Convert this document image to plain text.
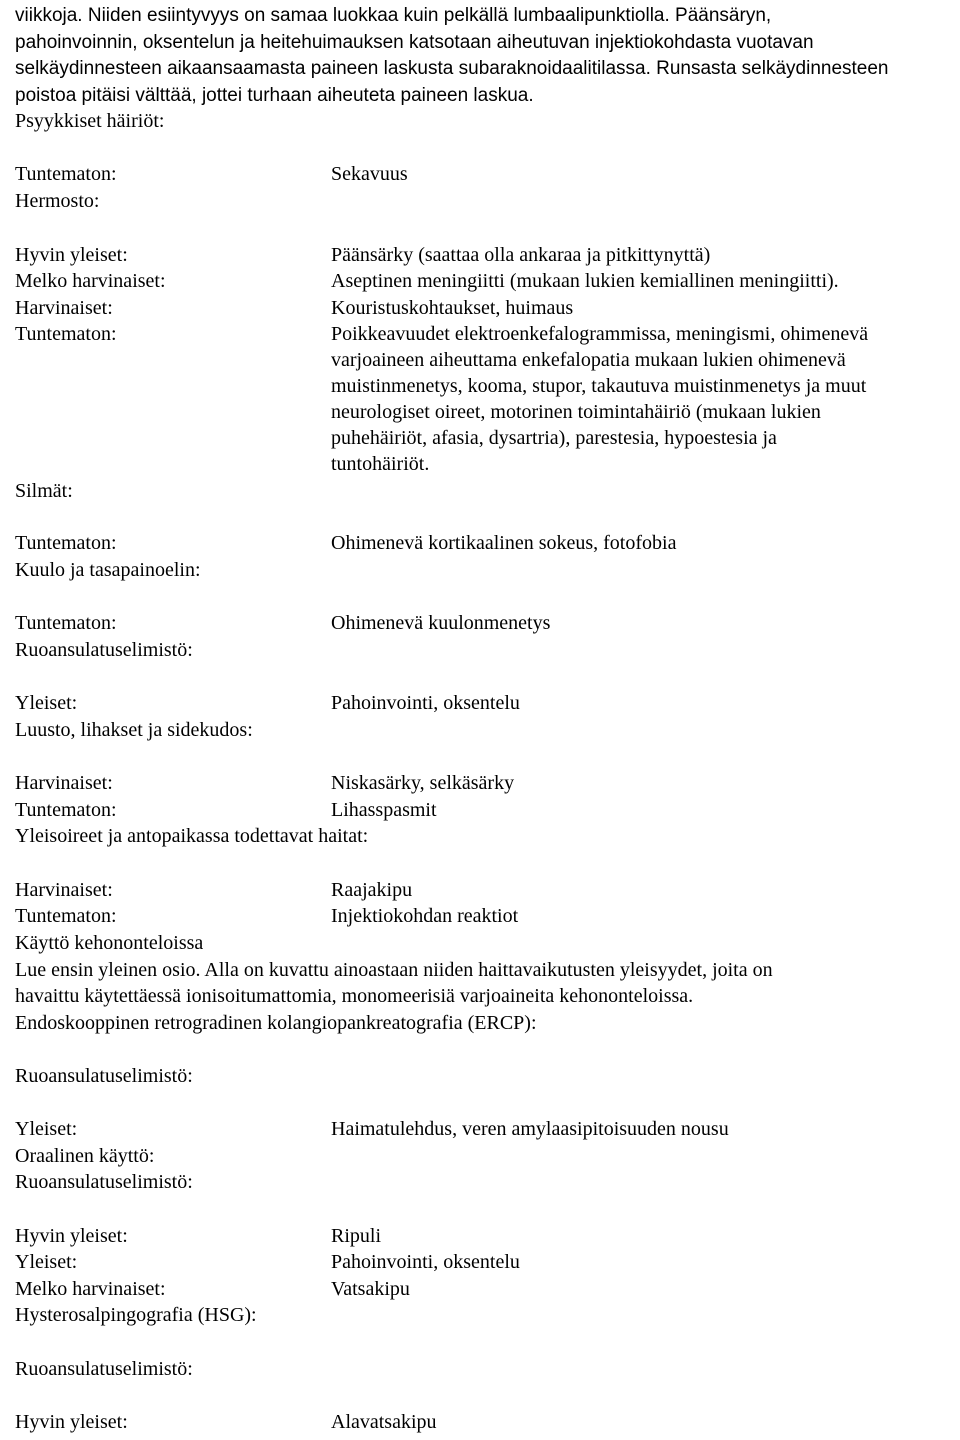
viikkoja. Niiden esiintyvyys on samaa luokkaa kuin pelkällä lumbaalipunktiolla. Päänsäryn,
pahoinvoinnin, oksentelun ja heitehuimauksen katsotaan aiheutuvan injektiokohdasta vuotavan
selkäydinnesteen aikaansaamasta paineen laskusta subaraknoidaalitilassa. Runsasta selkäydinnesteen
poistoa pitäisi välttää, jottei turhaan aiheuteta paineen laskua.
Psyykkiset häiriöt:
Tuntematon:	Sekavuus
Hermosto:
Hyvin yleiset:	Päänsärky (saattaa olla ankaraa ja pitkittynyttä)
Melko harvinaiset:	Aseptinen meningiitti (mukaan lukien kemiallinen meningiitti).
Harvinaiset:	Kouristuskohtaukset, huimaus
Tuntematon:	Poikkeavuudet elektroenkefalogrammissa, meningismi, ohimenevä
varjoaineen aiheuttama enkefalopatia mukaan lukien ohimenevä
muistinmenetys, kooma, stupor, takautuva muistinmenetys ja muut
neurologiset oireet, motorinen toimintahäiriö (mukaan lukien
puhehäiriöt, afasia, dysartria), parestesia, hypoestesia ja
tuntohäiriöt.
Silmät:
Tuntematon:	Ohimenevä kortikaalinen sokeus, fotofobia
Kuulo ja tasapainoelin:
Tuntematon:	Ohimenevä kuulonmenetys
Ruoansulatuselimistö:
Yleiset:	Pahoinvointi, oksentelu
Luusto, lihakset ja sidekudos:
Harvinaiset:	Niskasärky, selkäsärky
Tuntematon:	Lihasspasmit
Yleisoireet ja antopaikassa todettavat haitat:
Harvinaiset:	Raajakipu
Tuntematon:	Injektiokohdan reaktiot
Käyttö kehononteloissa
Lue ensin yleinen osio. Alla on kuvattu ainoastaan niiden haittavaikutusten yleisyydet, joita on
havaittu käytettäessä ionisoitumattomia, monomeerisiä varjoaineita kehononteloissa.
Endoskooppinen retrogradinen kolangiopankreatografia (ERCP):
Ruoansulatuselimistö:
Yleiset:	Haimatulehdus, veren amylaasipitoisuuden nousu
Oraalinen käyttö:
Ruoansulatuselimistö:
Hyvin yleiset:	Ripuli
Yleiset:	Pahoinvointi, oksentelu
Melko harvinaiset:	Vatsakipu
Hysterosalpingografia (HSG):
Ruoansulatuselimistö:
Hyvin yleiset:	Alavatsakipu
